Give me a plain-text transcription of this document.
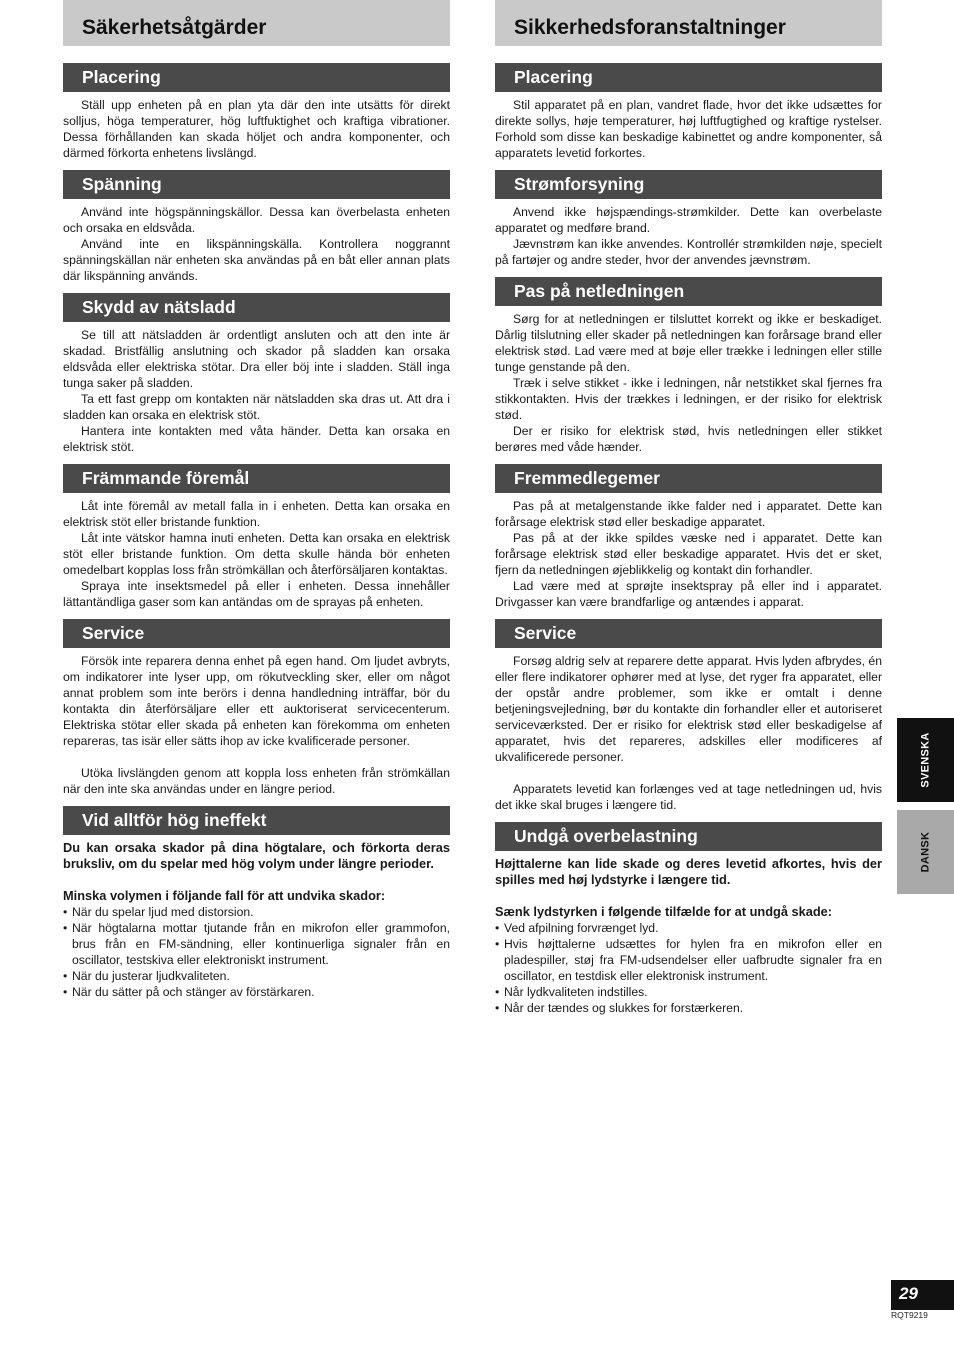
Säkerhetsåtgärder
Placering

Ställ upp enheten på en plan yta där den inte utsätts för direkt solljus, höga temperaturer, hög luftfuktighet och kraftiga vibrationer. Dessa förhållanden kan skada höljet och andra komponenter, och därmed förkorta enhetens livslängd.

Spänning

Använd inte högspänningskällor. Dessa kan överbelasta enheten och orsaka en eldsvåda.

Använd inte en likspänningskälla. Kontrollera noggrannt spänningskällan när enheten ska användas på en båt eller annan plats där likspänning används.

Skydd av nätsladd

Se till att nätsladden är ordentligt ansluten och att den inte är skadad. Bristfällig anslutning och skador på sladden kan orsaka eldsvåda eller elektriska stötar. Dra eller böj inte i sladden. Ställ inga tunga saker på sladden.

Ta ett fast grepp om kontakten när nätsladden ska dras ut. Att dra i sladden kan orsaka en elektrisk stöt.

Hantera inte kontakten med våta händer. Detta kan orsaka en elektrisk stöt.

Främmande föremål

Låt inte föremål av metall falla in i enheten. Detta kan orsaka en elektrisk stöt eller bristande funktion.

Låt inte vätskor hamna inuti enheten. Detta kan orsaka en elektrisk stöt eller bristande funktion. Om detta skulle hända bör enheten omedelbart kopplas loss från strömkällan och återförsäljaren kontaktas.

Spraya inte insektsmedel på eller i enheten. Dessa innehåller lättantändliga gaser som kan antändas om de sprayas på enheten.

Service

Försök inte reparera denna enhet på egen hand. Om ljudet avbryts, om indikatorer inte lyser upp, om rökutveckling sker, eller om något annat problem som inte berörs i denna handledning inträffar, bör du kontakta din återförsäljare eller ett auktoriserat servicecenterum. Elektriska stötar eller skada på enheten kan förekomma om enheten repareras, tas isär eller sätts ihop av icke kvalificerade personer.

Utöka livslängden genom att koppla loss enheten från strömkällan när den inte ska användas under en längre period.

Vid alltför hög ineffekt

Du kan orsaka skador på dina högtalare, och förkorta deras bruksliv, om du spelar med hög volym under längre perioder.

Minska volymen i följande fall för att undvika skador:

• När du spelar ljud med distorsion.
• När högtalarna mottar tjutande från en mikrofon eller grammofon, brus från en FM-sändning, eller kontinuerliga signaler från en oscillator, testskiva eller elektroniskt instrument.
• När du justerar ljudkvaliteten.
• När du sätter på och stänger av förstärkaren.
Sikkerhedsforanstaltninger
Placering

Stil apparatet på en plan, vandret flade, hvor det ikke udsættes for direkte sollys, høje temperaturer, høj luftfugtighed og kraftige rystelser. Forhold som disse kan beskadige kabinettet og andre komponenter, så apparatets levetid forkortes.

Strømforsyning

Anvend ikke højspændings-strømkilder. Dette kan overbelaste apparatet og medføre brand.

Jævnstrøm kan ikke anvendes. Kontrollér strømkilden nøje, specielt på fartøjer og andre steder, hvor der anvendes jævnstrøm.

Pas på netledningen

Sørg for at netledningen er tilsluttet korrekt og ikke er beskadiget. Dårlig tilslutning eller skader på netledningen kan forårsage brand eller elektrisk stød. Lad være med at bøje eller trække i ledningen eller stille tunge genstande på den.

Træk i selve stikket - ikke i ledningen, når netstikket skal fjernes fra stikkontakten. Hvis der trækkes i ledningen, er der risiko for elektrisk stød.

Der er risiko for elektrisk stød, hvis netledningen eller stikket berøres med våde hænder.

Fremmedlegemer

Pas på at metalgenstande ikke falder ned i apparatet. Dette kan forårsage elektrisk stød eller beskadige apparatet.

Pas på at der ikke spildes væske ned i apparatet. Dette kan forårsage elektrisk stød eller beskadige apparatet. Hvis det er sket, fjern da netledningen øjeblikkelig og kontakt din forhandler.

Lad være med at sprøjte insektspray på eller ind i apparatet. Drivgasser kan være brandfarlige og antændes i apparat.

Service

Forsøg aldrig selv at reparere dette apparat. Hvis lyden afbrydes, én eller flere indikatorer ophører med at lyse, det ryger fra apparatet, eller der opstår andre problemer, som ikke er omtalt i denne betjeningsvejledning, bør du kontakte din forhandler eller et autoriseret serviceværksted. Der er risiko for elektrisk stød eller beskadigelse af apparatet, hvis det repareres, adskilles eller modificeres af ukvalificerede personer.

Apparatets levetid kan forlænges ved at tage netledningen ud, hvis det ikke skal bruges i længere tid.

Undgå overbelastning

Højttalerne kan lide skade og deres levetid afkortes, hvis der spilles med høj lydstyrke i længere tid.

Sænk lydstyrken i følgende tilfælde for at undgå skade:

• Ved afpilning forvrænget lyd.
• Hvis højttalerne udsættes for hylen fra en mikrofon eller en pladespiller, støj fra FM-udsendelser eller uafbrudte signaler fra en oscillator, en testdisk eller elektronisk instrument.
• Når lydkvaliteten indstilles.
• Når der tændes og slukkes for forstærkeren.
SVENSKA
DANSK
29
RQT9219
